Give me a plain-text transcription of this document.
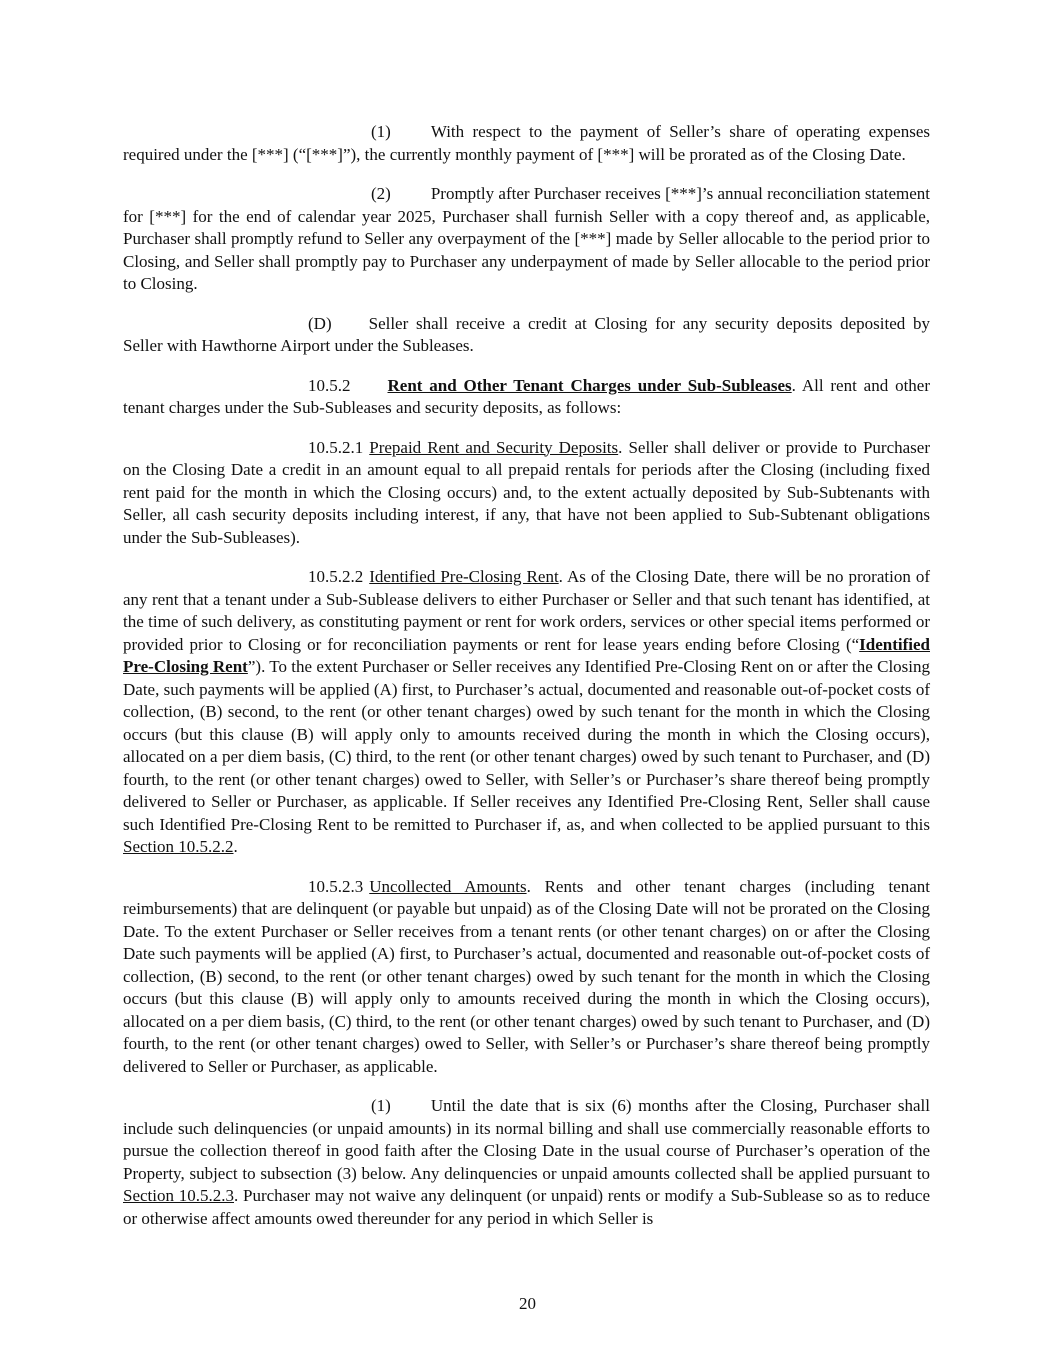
(1) With respect to the payment of Seller’s share of operating expenses required under the [***] (“[***]”), the currently monthly payment of [***] will be prorated as of the Closing Date.

(2) Promptly after Purchaser receives [***]’s annual reconciliation statement for [***] for the end of calendar year 2025, Purchaser shall furnish Seller with a copy thereof and, as applicable, Purchaser shall promptly refund to Seller any overpayment of the [***] made by Seller allocable to the period prior to Closing, and Seller shall promptly pay to Purchaser any underpayment of made by Seller allocable to the period prior to Closing.

(D) Seller shall receive a credit at Closing for any security deposits deposited by Seller with Hawthorne Airport under the Subleases.

10.5.2 Rent and Other Tenant Charges under Sub-Subleases. All rent and other tenant charges under the Sub-Subleases and security deposits, as follows:

10.5.2.1 Prepaid Rent and Security Deposits. Seller shall deliver or provide to Purchaser on the Closing Date a credit in an amount equal to all prepaid rentals for periods after the Closing (including fixed rent paid for the month in which the Closing occurs) and, to the extent actually deposited by Sub-Subtenants with Seller, all cash security deposits including interest, if any, that have not been applied to Sub-Subtenant obligations under the Sub-Subleases).

10.5.2.2 Identified Pre-Closing Rent. As of the Closing Date, there will be no proration of any rent that a tenant under a Sub-Sublease delivers to either Purchaser or Seller and that such tenant has identified, at the time of such delivery, as constituting payment or rent for work orders, services or other special items performed or provided prior to Closing or for reconciliation payments or rent for lease years ending before Closing (“Identified Pre-Closing Rent”). To the extent Purchaser or Seller receives any Identified Pre-Closing Rent on or after the Closing Date, such payments will be applied (A) first, to Purchaser’s actual, documented and reasonable out-of-pocket costs of collection, (B) second, to the rent (or other tenant charges) owed by such tenant for the month in which the Closing occurs (but this clause (B) will apply only to amounts received during the month in which the Closing occurs), allocated on a per diem basis, (C) third, to the rent (or other tenant charges) owed by such tenant to Purchaser, and (D) fourth, to the rent (or other tenant charges) owed to Seller, with Seller’s or Purchaser’s share thereof being promptly delivered to Seller or Purchaser, as applicable. If Seller receives any Identified Pre-Closing Rent, Seller shall cause such Identified Pre-Closing Rent to be remitted to Purchaser if, as, and when collected to be applied pursuant to this Section 10.5.2.2.

10.5.2.3 Uncollected Amounts. Rents and other tenant charges (including tenant reimbursements) that are delinquent (or payable but unpaid) as of the Closing Date will not be prorated on the Closing Date. To the extent Purchaser or Seller receives from a tenant rents (or other tenant charges) on or after the Closing Date such payments will be applied (A) first, to Purchaser’s actual, documented and reasonable out-of-pocket costs of collection, (B) second, to the rent (or other tenant charges) owed by such tenant for the month in which the Closing occurs (but this clause (B) will apply only to amounts received during the month in which the Closing occurs), allocated on a per diem basis, (C) third, to the rent (or other tenant charges) owed by such tenant to Purchaser, and (D) fourth, to the rent (or other tenant charges) owed to Seller, with Seller’s or Purchaser’s share thereof being promptly delivered to Seller or Purchaser, as applicable.

(1) Until the date that is six (6) months after the Closing, Purchaser shall include such delinquencies (or unpaid amounts) in its normal billing and shall use commercially reasonable efforts to pursue the collection thereof in good faith after the Closing Date in the usual course of Purchaser’s operation of the Property, subject to subsection (3) below. Any delinquencies or unpaid amounts collected shall be applied pursuant to Section 10.5.2.3. Purchaser may not waive any delinquent (or unpaid) rents or modify a Sub-Sublease so as to reduce or otherwise affect amounts owed thereunder for any period in which Seller is

20
